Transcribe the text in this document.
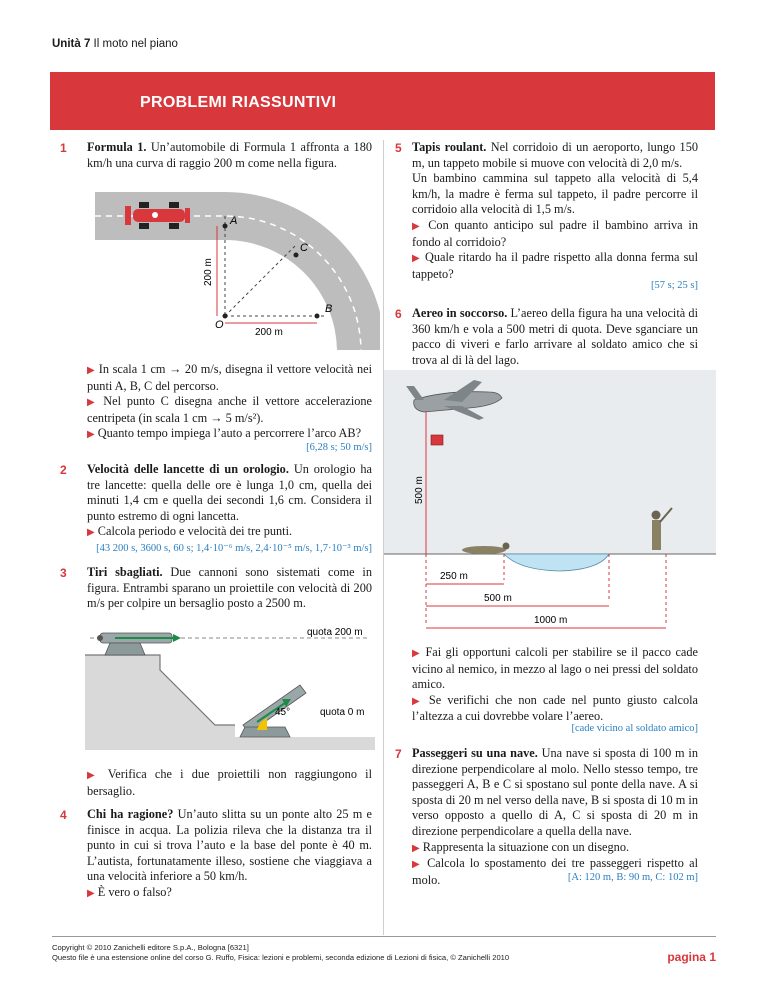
Unità 7 Il moto nel piano
PROBLEMI RIASSUNTIVI
1 Formula 1. Un’automobile di Formula 1 affronta a 180 km/h una curva di raggio 200 m come nella figura.
A
C
B
O
200 m
200 m
▶ In scala 1 cm → 20 m/s, disegna il vettore velocità nei punti A, B, C del percorso.
▶ Nel punto C disegna anche il vettore accelerazione centripeta (in scala 1 cm → 5 m/s²).
▶ Quanto tempo impiega l’auto a percorrere l’arco AB?
[6,28 s; 50 m/s]
2 Velocità delle lancette di un orologio. Un orologio ha tre lancette: quella delle ore è lunga 1,0 cm, quella dei minuti 1,4 cm e quella dei secondi 1,6 cm. Considera il punto estremo di ogni lancetta.
▶ Calcola periodo e velocità dei tre punti.
[43 200 s, 3600 s, 60 s; 1,4·10⁻⁶ m/s, 2,4·10⁻⁵ m/s, 1,7·10⁻³ m/s]
3 Tiri sbagliati. Due cannoni sono sistemati come in figura. Entrambi sparano un proiettile con velocità di 200 m/s per colpire un bersaglio posto a 2500 m.
quota 200 m
45°	quota 0 m
▶ Verifica che i due proiettili non raggiungono il bersaglio.
4 Chi ha ragione? Un’auto slitta su un ponte alto 25 m e finisce in acqua. La polizia rileva che la distanza tra il punto in cui si trova l’auto e la base del ponte è 40 m. L’autista, fortunatamente illeso, sostiene che viaggiava a una velocità inferiore a 50 km/h.
▶ È vero o falso?
5 Tapis roulant. Nel corridoio di un aeroporto, lungo 150 m, un tappeto mobile si muove con velocità di 2,0 m/s.
Un bambino cammina sul tappeto alla velocità di 5,4 km/h, la madre è ferma sul tappeto, il padre percorre il corridoio alla velocità di 1,5 m/s.
▶ Con quanto anticipo sul padre il bambino arriva in fondo al corridoio?
▶ Quale ritardo ha il padre rispetto alla donna ferma sul tappeto?
[57 s; 25 s]
6 Aereo in soccorso. L’aereo della figura ha una velocità di 360 km/h e vola a 500 metri di quota. Deve sganciare un pacco di viveri e farlo arrivare al soldato amico che si trova al di là del lago.
500 m
250 m
500 m
1000 m
▶ Fai gli opportuni calcoli per stabilire se il pacco cade vicino al nemico, in mezzo al lago o nei pressi del soldato amico.
▶ Se verifichi che non cade nel punto giusto calcola l’altezza a cui dovrebbe volare l’aereo.
[cade vicino al soldato amico]
7 Passeggeri su una nave. Una nave si sposta di 100 m in direzione perpendicolare al molo. Nello stesso tempo, tre passeggeri A, B e C si spostano sul ponte della nave. A si sposta di 20 m nel verso della nave, B si sposta di 10 m in verso opposto a quello di A, C si sposta di 20 m in direzione perpendicolare a quella della nave.
▶ Rappresenta la situazione con un disegno.
▶ Calcola lo spostamento dei tre passeggeri rispetto al molo.	[A: 120 m, B: 90 m, C: 102 m]
Copyright © 2010 Zanichelli editore S.p.A., Bologna [6321]
Questo file è una estensione online del corso G. Ruffo, Fisica: lezioni e problemi, seconda edizione di Lezioni di fisica, © Zanichelli 2010	pagina 1
